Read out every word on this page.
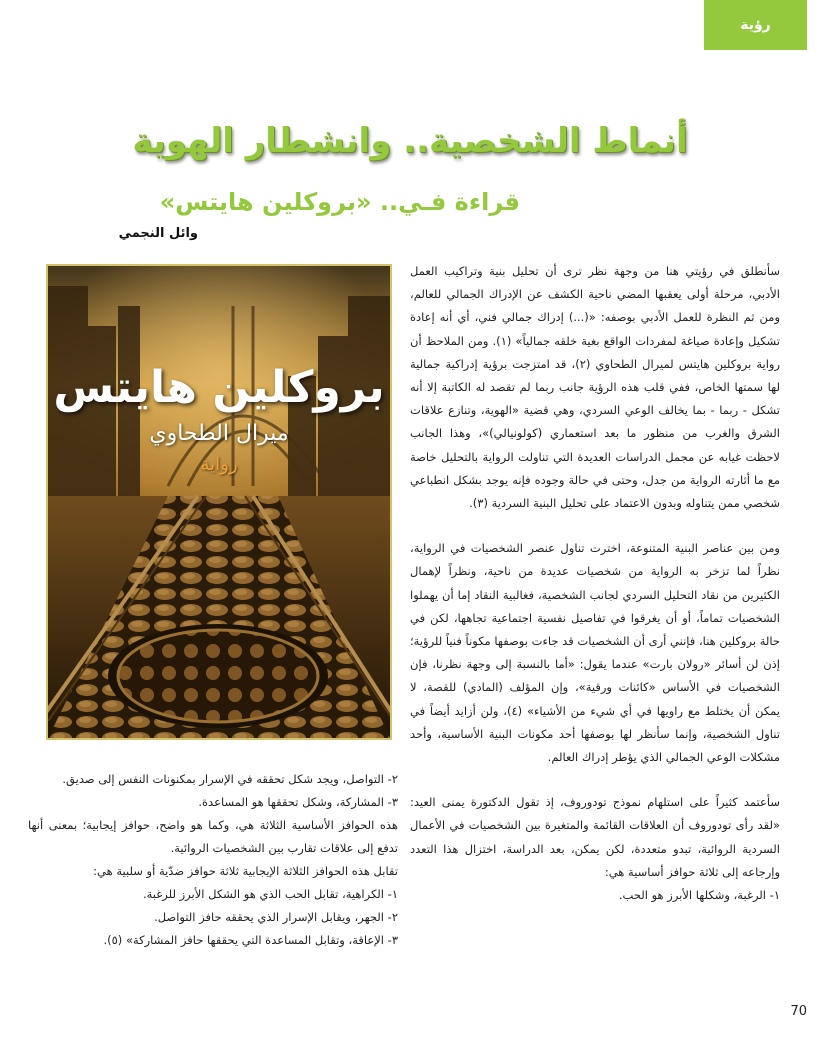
رؤية
أنماط الشخصية.. وانشطار الهوية
قراءة فـي.. «بروكلين هايتس»
وائل النجمي
بروكلين هايتس
ميرال الطحاوي
رواية

سأنطلق في رؤيتي هنا من وجهة نظر ترى أن تحليل بنية وتراكيب العمل الأدبي، مرحلة أولى يعقبها المضي ناحية الكشف عن الإدراك الجمالي للعالم، ومن ثم النظرة للعمل الأدبي بوصفه: «(...) إدراك جمالي فني، أي أنه إعادة تشكيل وإعادة صياغة لمفردات الواقع بغية خلقه جمالياً» (١). ومن الملاحظ أن رواية بروكلين هايتس لميرال الطحاوي (٢)، قد امتزجت برؤية إدراكية جمالية لها سمتها الخاص، ففي قلب هذه الرؤية جانب ربما لم تقصد له الكاتبة إلا أنه تشكل - ربما - بما يخالف الوعي السردي، وهي قضية «الهوية، وتنازع علاقات الشرق والغرب من منظور ما بعد استعماري (كولونيالي)»، وهذا الجانب لاحظت غيابه عن مجمل الدراسات العديدة التي تناولت الرواية بالتحليل خاصة مع ما أثارته الرواية من جدل، وحتى في حالة وجوده فإنه يوجد بشكل انطباعي شخصي ممن يتناوله وبدون الاعتماد على تحليل البنية السردية (٣).

ومن بين عناصر البنية المتنوعة، اخترت تناول عنصر الشخصيات في الرواية، نظراً لما تزخر به الرواية من شخصيات عديدة من ناحية، ونظراً لإهمال الكثيرين من نقاد التحليل السردي لجانب الشخصية، فغالبية النقاد إما أن يهملوا الشخصيات تماماً، أو أن يغرقوا في تفاصيل نفسية اجتماعية تجاهها، لكن في حالة بروكلين هنا، فإنني أرى أن الشخصيات قد جاءت بوصفها مكوناً فنياً للرؤية؛ إذن لن أسائر «رولان بارت» عندما يقول: «أما بالنسبة إلى وجهة نظرنا، فإن الشخصيات في الأساس «كائنات ورقية»، وإن المؤلف (المادي) للقصة، لا يمكن أن يختلط مع راويها في أي شيء من الأشياء» (٤)، ولن أزايد أيضاً في تناول الشخصية، وإنما سأنظر لها بوصفها أحد مكونات البنية الأساسية، وأحد مشكلات الوعي الجمالي الذي يؤطر إدراك العالم.

سأعتمد كثيراً على استلهام نموذج تودوروف، إذ تقول الدكتورة يمنى العيد: «لقد رأى تودوروف أن العلاقات القائمة والمتغيرة بين الشخصيات في الأعمال السردية الروائية، تبدو متعددة، لكن يمكن، بعد الدراسة، اختزال هذا التعدد وإرجاعه إلى ثلاثة حوافز أساسية هي:

١- الرغبة، وشكلها الأبرز هو الحب.

٢- التواصل، ويجد شكل تحققه في الإسرار بمكنونات النفس إلى صديق.

٣- المشاركة، وشكل تحققها هو المساعدة.

هذه الحوافز الأساسية الثلاثة هي، وكما هو واضح، حوافز إيجابية؛ بمعنى أنها تدفع إلى علاقات تقارب بين الشخصيات الروائية.

تقابل هذه الحوافز الثلاثة الإيجابية ثلاثة حوافز ضدّية أو سلبية هي:

١- الكراهية، تقابل الحب الذي هو الشكل الأبرز للرغبة.

٢- الجهر، ويقابل الإسرار الذي يحققه حافز التواصل.

٣- الإعاقة، وتقابل المساعدة التي يحققها حافز المشاركة» (٥).

70
